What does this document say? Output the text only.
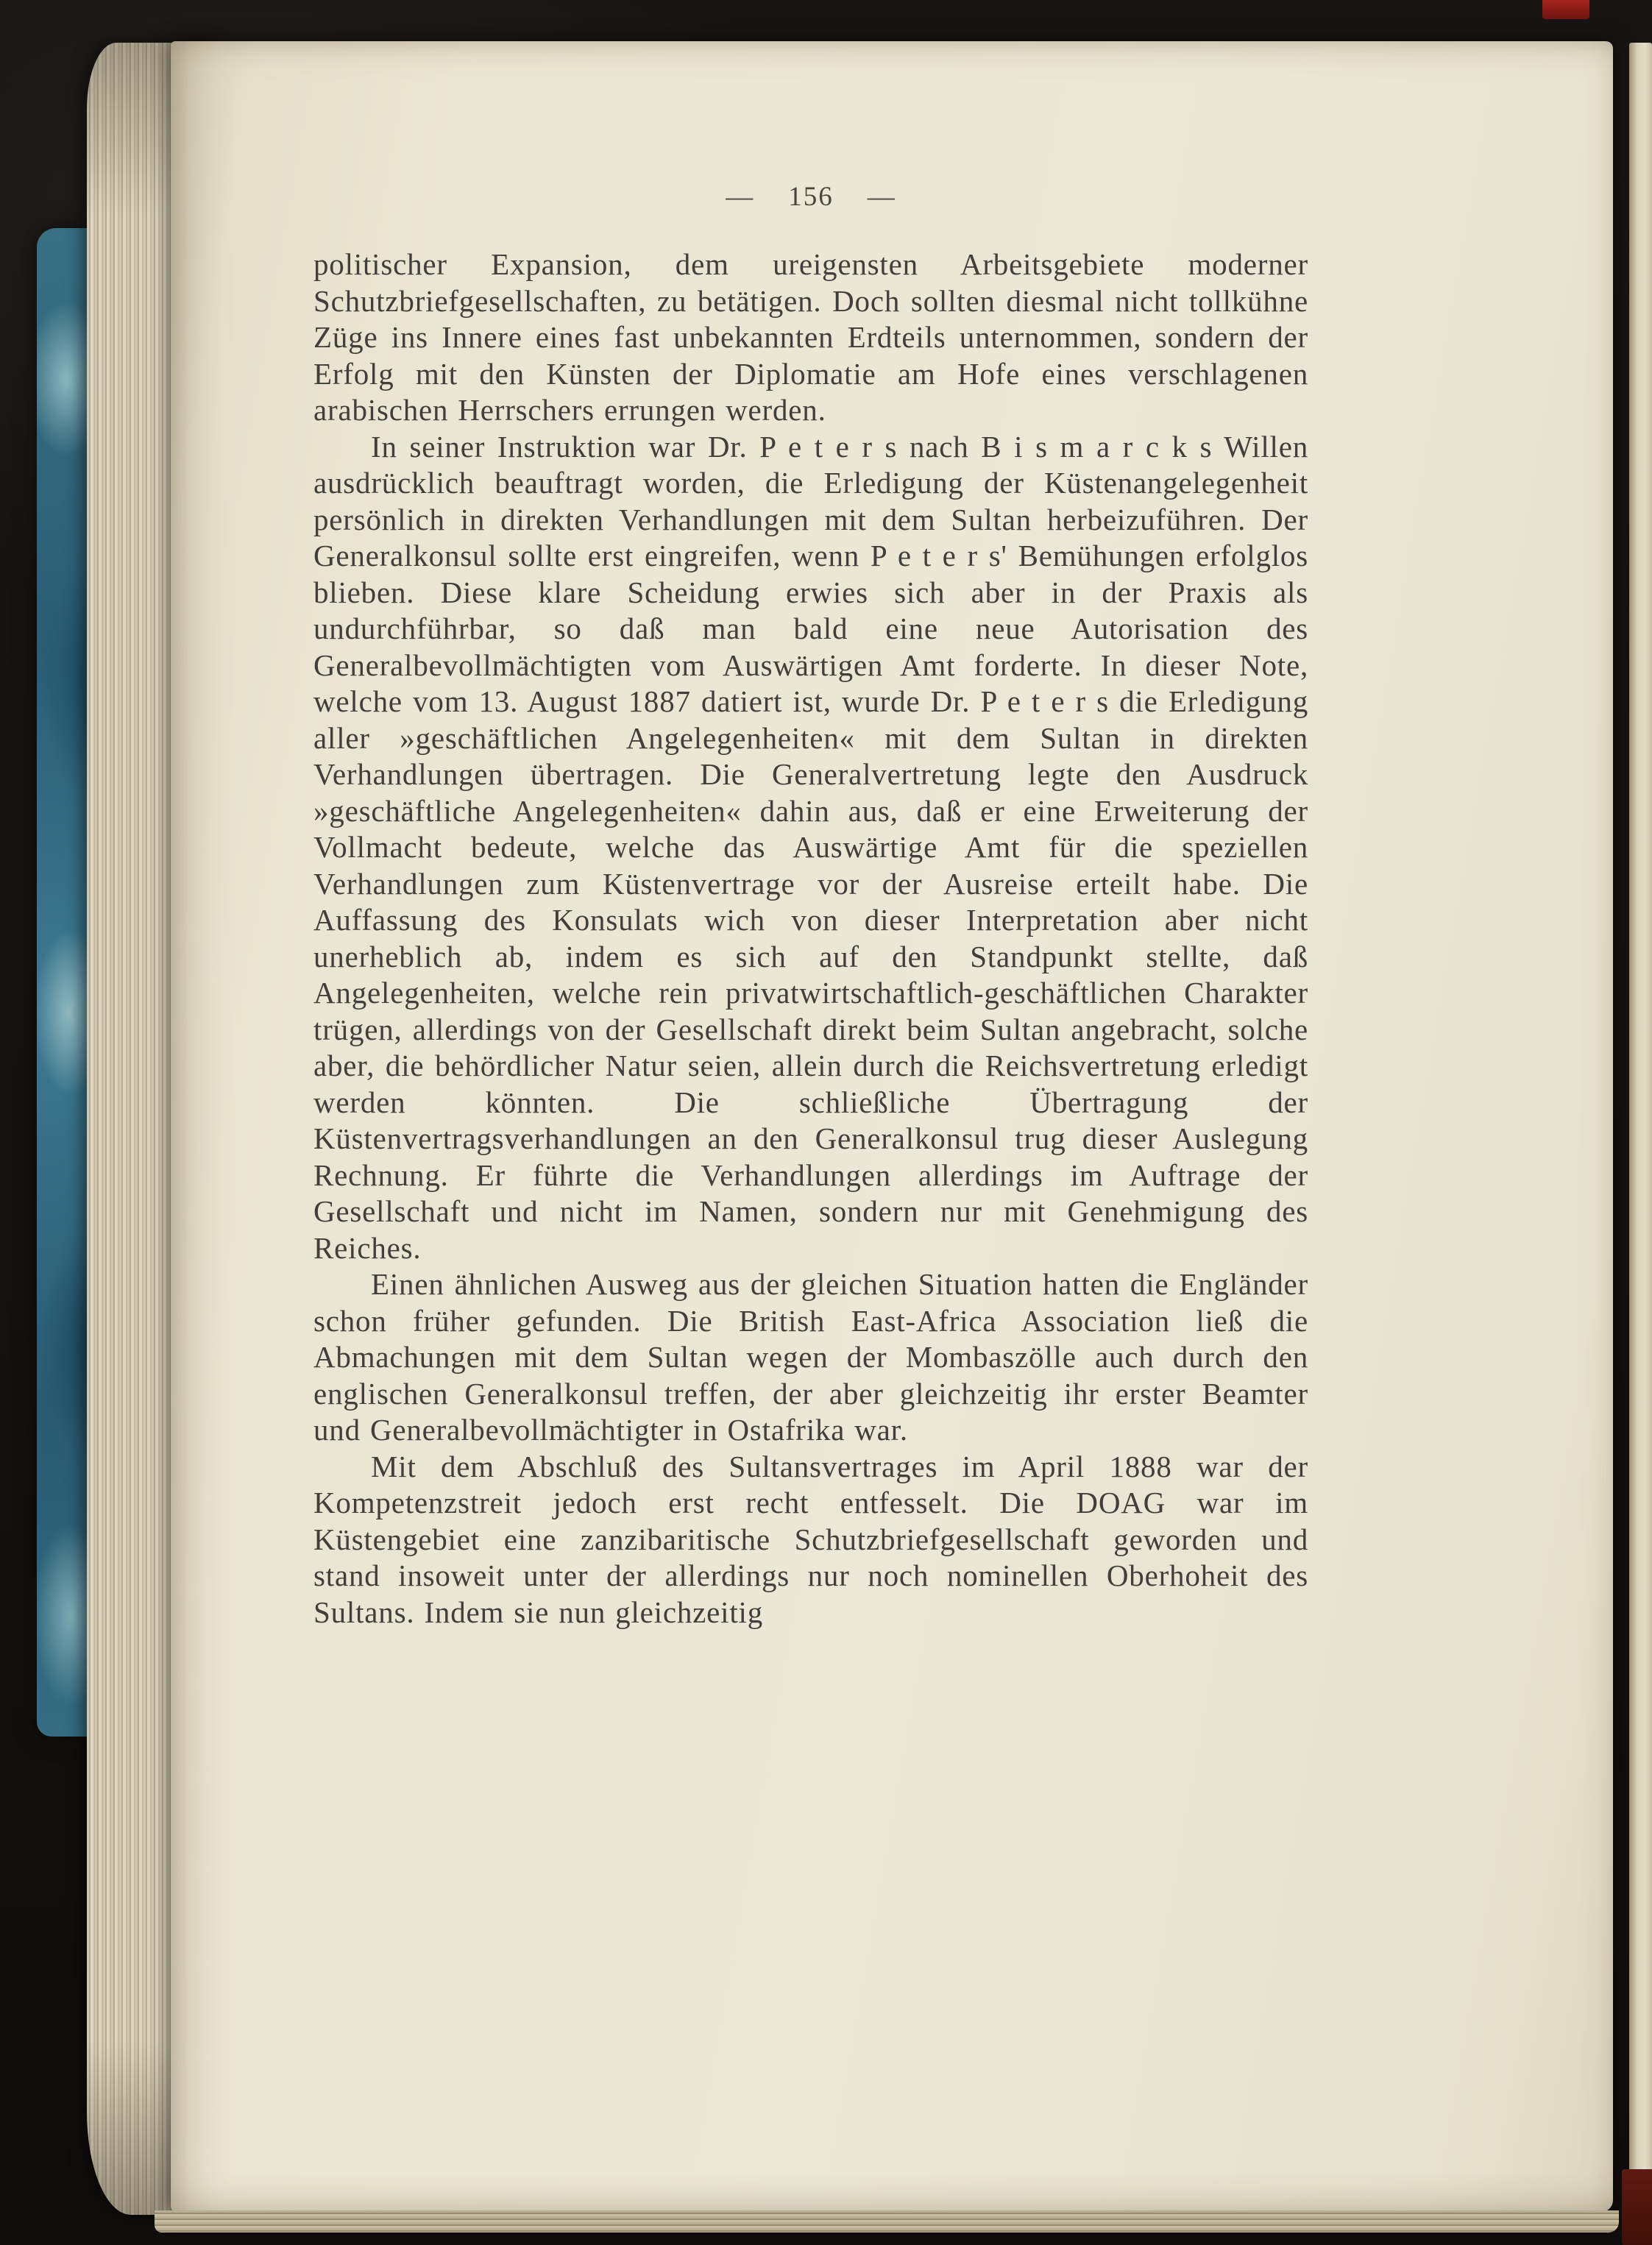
— 156 —

politischer Expansion, dem ureigensten Arbeitsgebiete moderner Schutzbriefgesellschaften, zu betätigen. Doch sollten diesmal nicht tollkühne Züge ins Innere eines fast unbekannten Erdteils unternommen, sondern der Erfolg mit den Künsten der Diplomatie am Hofe eines verschlagenen arabischen Herrschers errungen werden.

In seiner Instruktion war Dr. P e t e r s nach B i s m a r c k s Willen ausdrücklich beauftragt worden, die Erledigung der Küstenangelegenheit persönlich in direkten Verhandlungen mit dem Sultan herbeizuführen. Der Generalkonsul sollte erst eingreifen, wenn P e t e r s' Bemühungen erfolglos blieben. Diese klare Scheidung erwies sich aber in der Praxis als undurchführbar, so daß man bald eine neue Autorisation des Generalbevollmächtigten vom Auswärtigen Amt forderte. In dieser Note, welche vom 13. August 1887 datiert ist, wurde Dr. P e t e r s die Erledigung aller »geschäftlichen Angelegenheiten« mit dem Sultan in direkten Verhandlungen übertragen. Die Generalvertretung legte den Ausdruck »geschäftliche Angelegenheiten« dahin aus, daß er eine Erweiterung der Vollmacht bedeute, welche das Auswärtige Amt für die speziellen Verhandlungen zum Küstenvertrage vor der Ausreise erteilt habe. Die Auffassung des Konsulats wich von dieser Interpretation aber nicht unerheblich ab, indem es sich auf den Standpunkt stellte, daß Angelegenheiten, welche rein privatwirtschaftlich-geschäftlichen Charakter trügen, allerdings von der Gesellschaft direkt beim Sultan angebracht, solche aber, die behördlicher Natur seien, allein durch die Reichsvertretung erledigt werden könnten. Die schließliche Übertragung der Küstenvertragsverhandlungen an den Generalkonsul trug dieser Auslegung Rechnung. Er führte die Verhandlungen allerdings im Auftrage der Gesellschaft und nicht im Namen, sondern nur mit Genehmigung des Reiches.

Einen ähnlichen Ausweg aus der gleichen Situation hatten die Engländer schon früher gefunden. Die British East-Africa Association ließ die Abmachungen mit dem Sultan wegen der Mombaszölle auch durch den englischen Generalkonsul treffen, der aber gleichzeitig ihr erster Beamter und Generalbevollmächtigter in Ostafrika war.

Mit dem Abschluß des Sultansvertrages im April 1888 war der Kompetenzstreit jedoch erst recht entfesselt. Die DOAG war im Küstengebiet eine zanzibaritische Schutzbriefgesellschaft geworden und stand insoweit unter der allerdings nur noch nominellen Oberhoheit des Sultans. Indem sie nun gleichzeitig
